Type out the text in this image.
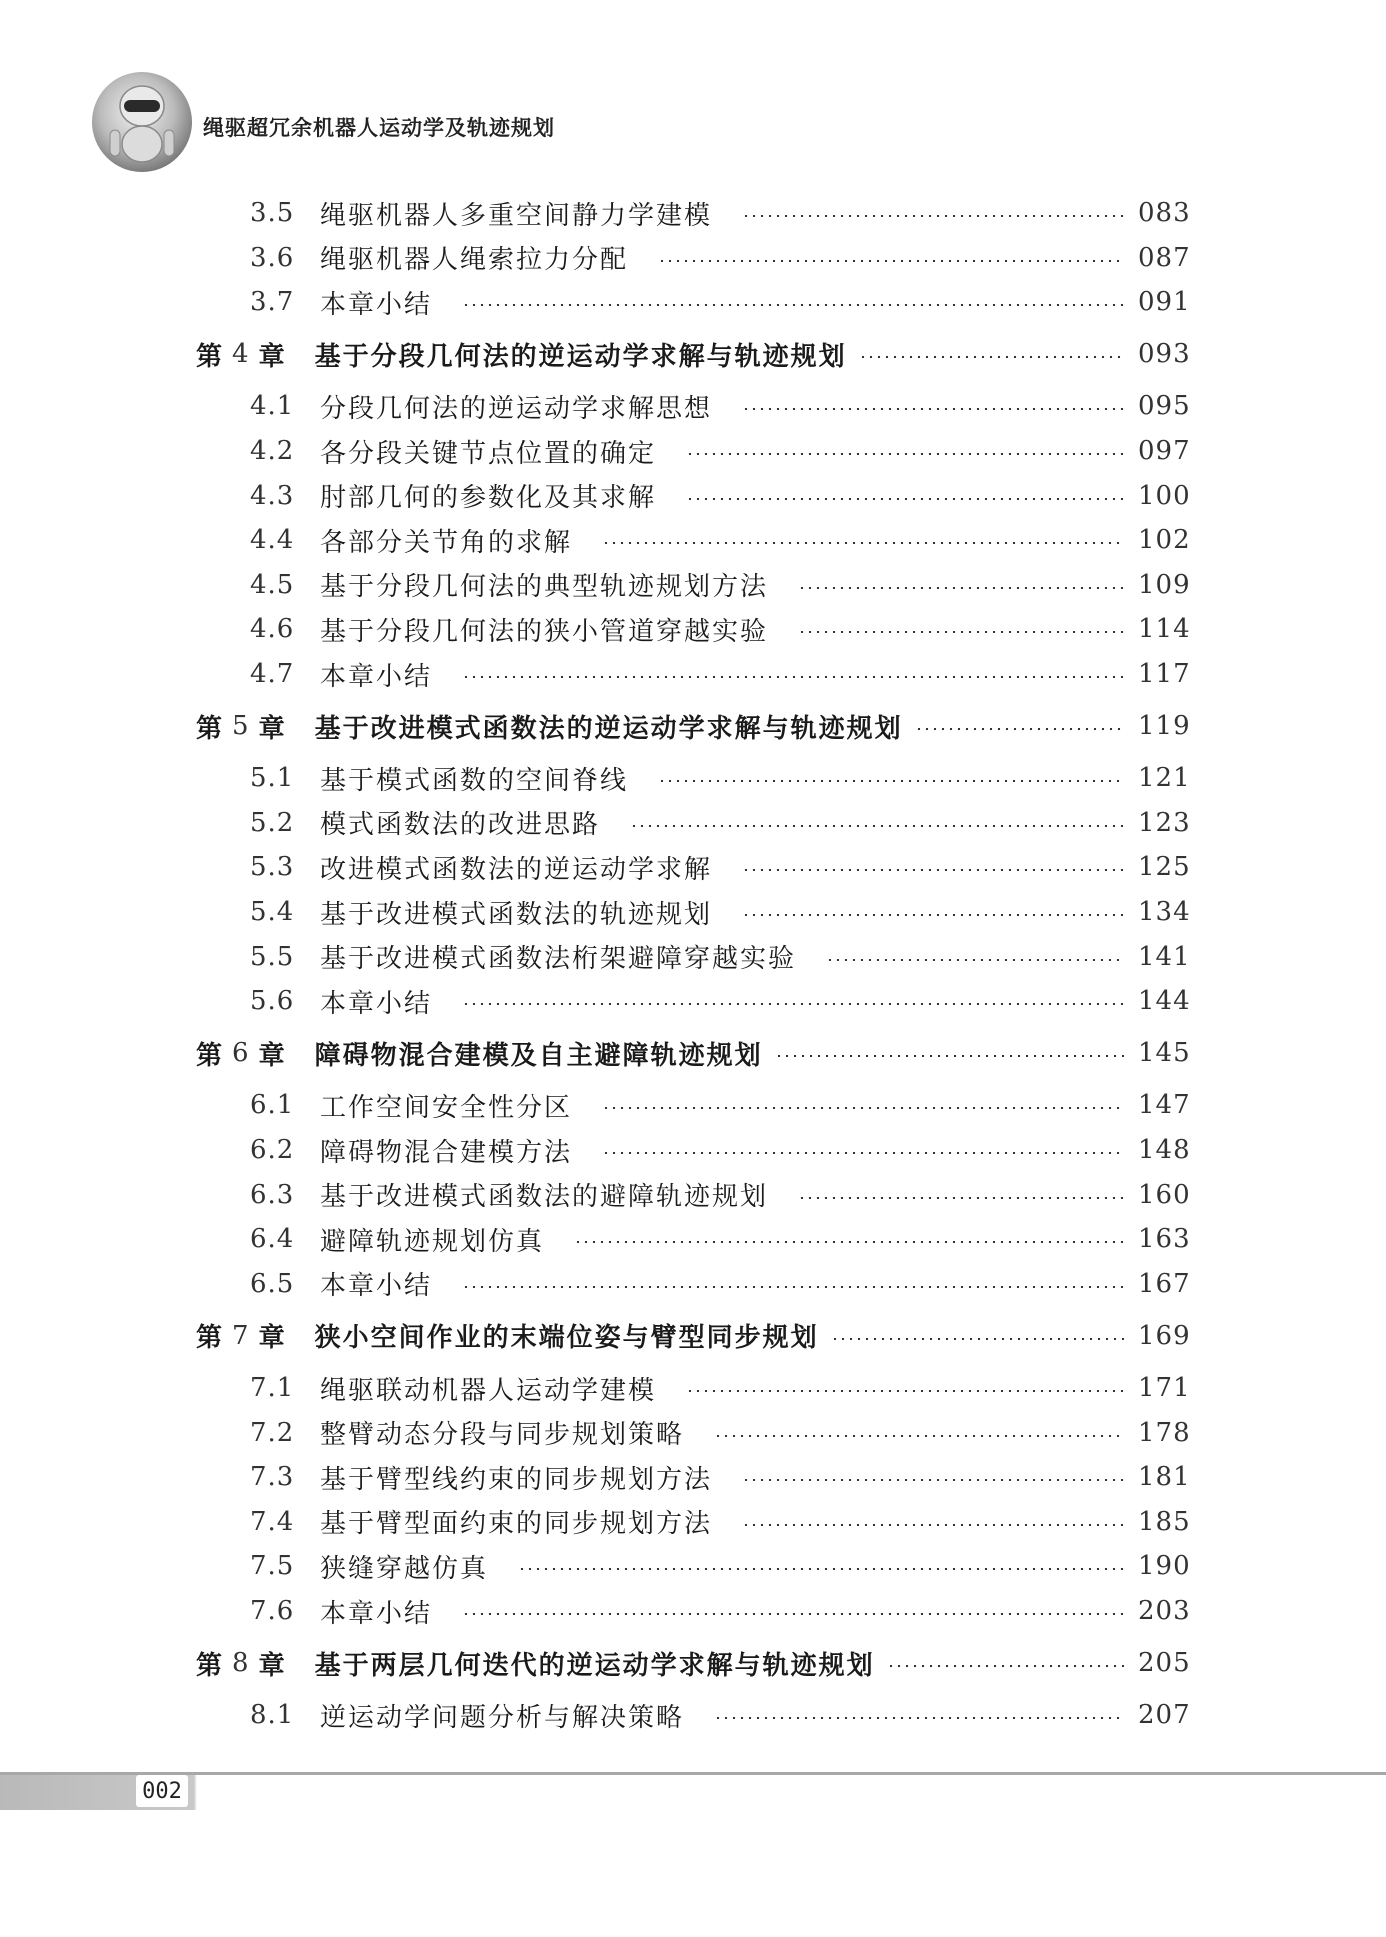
绳驱超冗余机器人运动学及轨迹规划
3.5 绳驱机器人多重空间静力学建模	083
3.6 绳驱机器人绳索拉力分配	087
3.7 本章小结	091
第 4 章 基于分段几何法的逆运动学求解与轨迹规划	093
4.1 分段几何法的逆运动学求解思想	095
4.2 各分段关键节点位置的确定	097
4.3 肘部几何的参数化及其求解	100
4.4 各部分关节角的求解	102
4.5 基于分段几何法的典型轨迹规划方法	109
4.6 基于分段几何法的狭小管道穿越实验	114
4.7 本章小结	117
第 5 章 基于改进模式函数法的逆运动学求解与轨迹规划	119
5.1 基于模式函数的空间脊线	121
5.2 模式函数法的改进思路	123
5.3 改进模式函数法的逆运动学求解	125
5.4 基于改进模式函数法的轨迹规划	134
5.5 基于改进模式函数法桁架避障穿越实验	141
5.6 本章小结	144
第 6 章 障碍物混合建模及自主避障轨迹规划	145
6.1 工作空间安全性分区	147
6.2 障碍物混合建模方法	148
6.3 基于改进模式函数法的避障轨迹规划	160
6.4 避障轨迹规划仿真	163
6.5 本章小结	167
第 7 章 狭小空间作业的末端位姿与臂型同步规划	169
7.1 绳驱联动机器人运动学建模	171
7.2 整臂动态分段与同步规划策略	178
7.3 基于臂型线约束的同步规划方法	181
7.4 基于臂型面约束的同步规划方法	185
7.5 狭缝穿越仿真	190
7.6 本章小结	203
第 8 章 基于两层几何迭代的逆运动学求解与轨迹规划	205
8.1 逆运动学问题分析与解决策略	207
002
